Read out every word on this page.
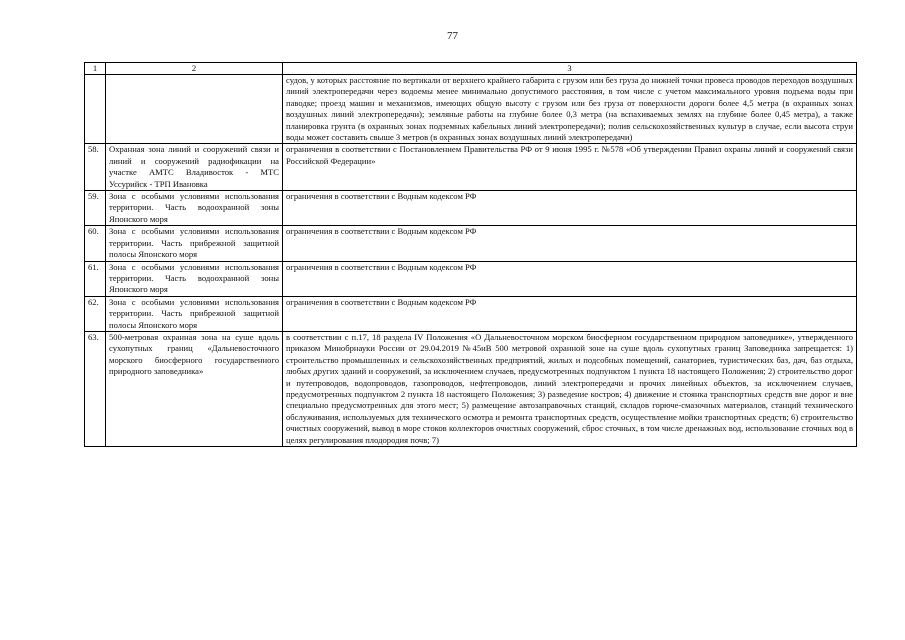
77
1	2	3
		судов, у которых расстояние по вертикали от верхнего крайнего габарита с грузом или без груза до нижней точки провеса проводов переходов воздушных линий электропередачи через водоемы менее минимально допустимого расстояния, в том числе с учетом максимального уровня подъема воды при паводке; проезд машин и механизмов, имеющих общую высоту с грузом или без груза от поверхности дороги более 4,5 метра (в охранных зонах воздушных линий электропередачи); земляные работы на глубине более 0,3 метра (на вспахиваемых землях на глубине более 0,45 метра), а также планировка грунта (в охранных зонах подземных кабельных линий электропередачи); полив сельскохозяйственных культур в случае, если высота струи воды может составить свыше 3 метров (в охранных зонах воздушных линий электропередачи)
58.	Охранная зона линий и сооружений связи и линий и сооружений радиофикации на участке АМТС Владивосток - МТС Уссурийск - ТРП Ивановка	ограничения в соответствии с Постановлением Правительства РФ от 9 июня 1995 г. №578 «Об утверждении Правил охраны линий и сооружений связи Российской Федерации»
59.	Зона с особыми условиями использования территории. Часть водоохранной зоны Японского моря	ограничения в соответствии с Водным кодексом РФ
60.	Зона с особыми условиями использования территории. Часть прибрежной защитной полосы Японского моря	ограничения в соответствии с Водным кодексом РФ
61.	Зона с особыми условиями использования территории. Часть водоохранной зоны Японского моря	ограничения в соответствии с Водным кодексом РФ
62.	Зона с особыми условиями использования территории. Часть прибрежной защитной полосы Японского моря	ограничения в соответствии с Водным кодексом РФ
63.	500-метровая охранная зона на суше вдоль сухопутных границ «Дальневосточного морского биосферного государственного природного заповедника»	в соответствии с п.17, 18 раздела IV Положения «О Дальневосточном морском биосферном государственном природном заповеднике», утвержденного приказом Минобрнауки России от 29.04.2019 №45нВ 500 метровой охранной зоне на суше вдоль сухопутных границ Заповедника запрещается: 1) строительство промышленных и сельскохозяйственных предприятий, жилых и подсобных помещений, санаториев, туристических баз, дач, баз отдыха, любых других зданий и сооружений, за исключением случаев, предусмотренных подпунктом 1 пункта 18 настоящего Положения; 2) строительство дорог и путепроводов, водопроводов, газопроводов, нефтепроводов, линий электропередачи и прочих линейных объектов, за исключением случаев, предусмотренных подпунктом 2 пункта 18 настоящего Положения; 3) разведение костров; 4) движение и стоянка транспортных средств вне дорог и вне специально предусмотренных для этого мест; 5) размещение автозаправочных станций, складов горюче-смазочных материалов, станций технического обслуживания, используемых для технического осмотра и ремонта транспортных средств, осуществление мойки транспортных средств; 6) строительство очистных сооружений, вывод в море стоков коллекторов очистных сооружений, сброс сточных, в том числе дренажных вод, использование сточных вод в целях регулирования плодородия почв; 7)
